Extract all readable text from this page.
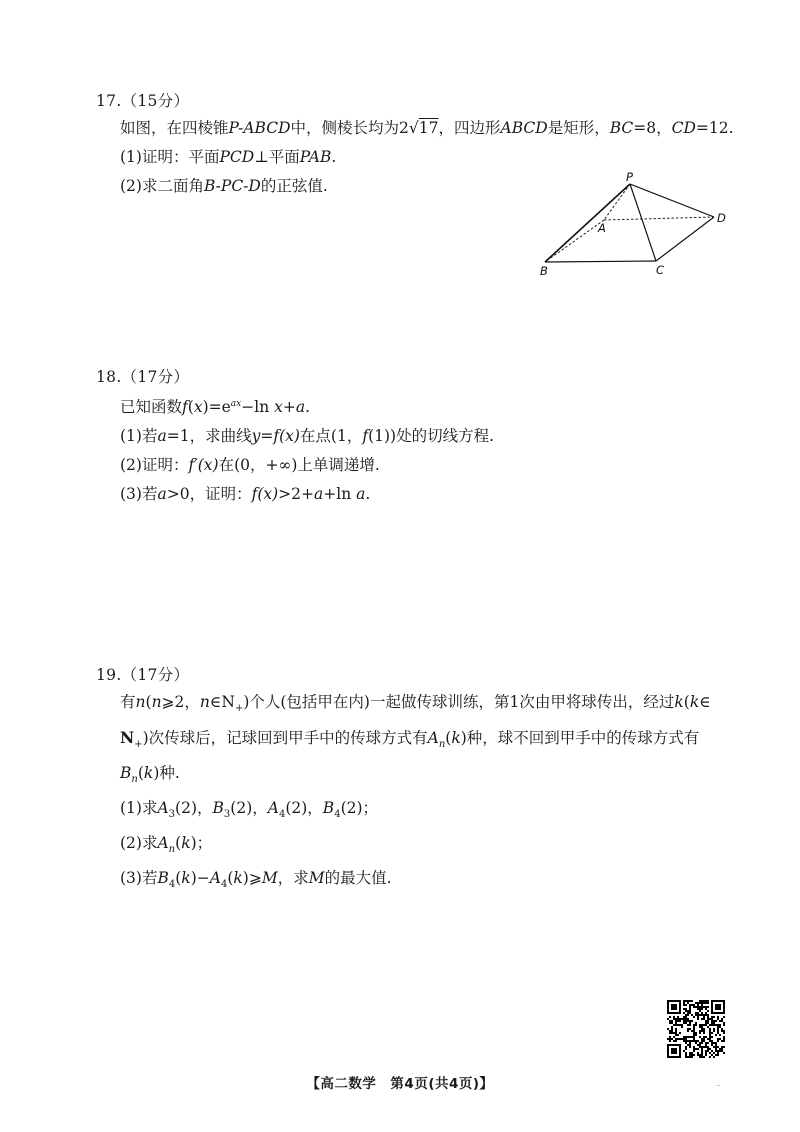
17.（15分）
如图，在四棱锥P-ABCD中，侧棱长均为2√17，四边形ABCD是矩形，BC=8，CD=12.
(1)证明：平面PCD⊥平面PAB.
(2)求二面角B-PC-D的正弦值.	P
A
B	C
D
18.（17分）
已知函数$f(x)=e^{ax}-\ln$ x+a.
(1)若a=1，求曲线y=f(x)在点(1，f(1))处的切线方程.
(2)证明：f′(x)在(0，+∞)上单调递增.
(3)若a>0，证明：f(x)>2+a+ln a.
19.（17分）
有n(n⩾2，$n\in N_+$)个人(包括甲在内)一起做传球训练，第1次由甲将球传出，经过k(k∈
$N_+$)次传球后，记球回到甲手中的传球方式有$A_n(k)$种，球不回到甲手中的传球方式有
$B_n(k)$种.
(1)求$A_3(2)$，$B_3(2)$，$A_4(2)$，$B_4(2)$；
(2)求$A_n(k)$；
(3)若$B_4(k)-A_4(k)⩾M$，求M的最大值.
【高二数学　第4页(共4页)】	··
